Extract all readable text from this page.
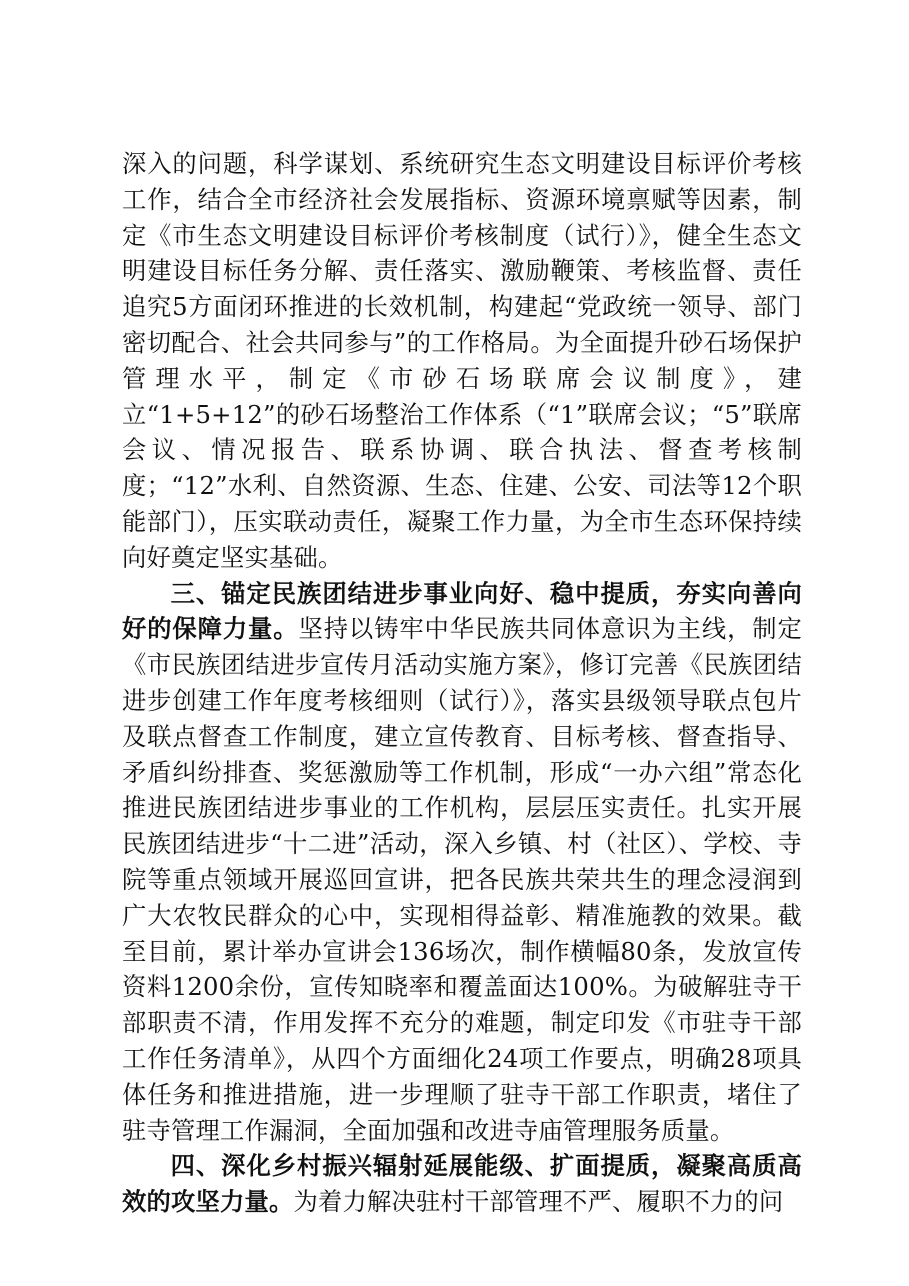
深入的问题，科学谋划、系统研究生态文明建设目标评价考核工作，结合全市经济社会发展指标、资源环境禀赋等因素，制定《市生态文明建设目标评价考核制度（试行）》，健全生态文明建设目标任务分解、责任落实、激励鞭策、考核监督、责任追究5方面闭环推进的长效机制，构建起“党政统一领导、部门密切配合、社会共同参与”的工作格局。为全面提升砂石场保护管理水平，制定《市砂石场联席会议制度》，建立“1+5+12”的砂石场整治工作体系（“1”联席会议；“5”联席会议、情况报告、联系协调、联合执法、督查考核制度；“12”水利、自然资源、生态、住建、公安、司法等12个职能部门），压实联动责任，凝聚工作力量，为全市生态环保持续向好奠定坚实基础。

三、锚定民族团结进步事业向好、稳中提质，夯实向善向好的保障力量。坚持以铸牢中华民族共同体意识为主线，制定《市民族团结进步宣传月活动实施方案》，修订完善《民族团结进步创建工作年度考核细则（试行）》，落实县级领导联点包片及联点督查工作制度，建立宣传教育、目标考核、督查指导、矛盾纠纷排查、奖惩激励等工作机制，形成“一办六组”常态化推进民族团结进步事业的工作机构，层层压实责任。扎实开展民族团结进步“十二进”活动，深入乡镇、村（社区）、学校、寺院等重点领域开展巡回宣讲，把各民族共荣共生的理念浸润到广大农牧民群众的心中，实现相得益彰、精准施教的效果。截至目前，累计举办宣讲会136场次，制作横幅80条，发放宣传资料1200余份，宣传知晓率和覆盖面达100%。为破解驻寺干部职责不清，作用发挥不充分的难题，制定印发《市驻寺干部工作任务清单》，从四个方面细化24项工作要点，明确28项具体任务和推进措施，进一步理顺了驻寺干部工作职责，堵住了驻寺管理工作漏洞，全面加强和改进寺庙管理服务质量。

四、深化乡村振兴辐射延展能级、扩面提质，凝聚高质高效的攻坚力量。为着力解决驻村干部管理不严、履职不力的问
